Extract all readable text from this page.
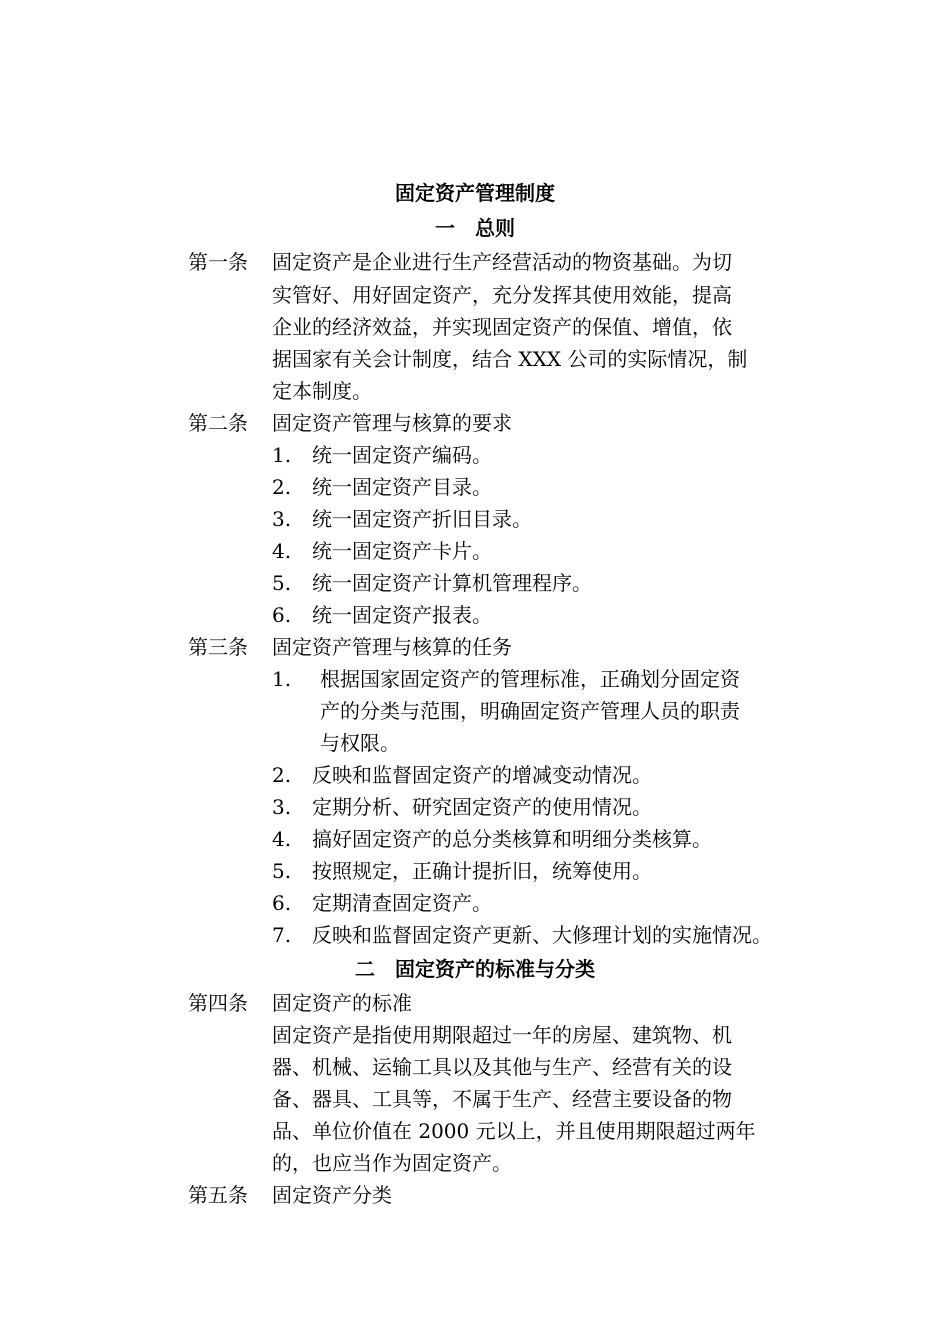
固定资产管理制度
一　总则
第一条 固定资产是企业进行生产经营活动的物资基础。为切
实管好、用好固定资产，充分发挥其使用效能，提高
企业的经济效益，并实现固定资产的保值、增值，依
据国家有关会计制度，结合 XXX 公司的实际情况，制
定本制度。
第二条 固定资产管理与核算的要求
1. 统一固定资产编码。
2. 统一固定资产目录。
3. 统一固定资产折旧目录。
4. 统一固定资产卡片。
5. 统一固定资产计算机管理程序。
6. 统一固定资产报表。
第三条 固定资产管理与核算的任务
1. 根据国家固定资产的管理标准，正确划分固定资
产的分类与范围，明确固定资产管理人员的职责
与权限。
2. 反映和监督固定资产的增减变动情况。
3. 定期分析、研究固定资产的使用情况。
4. 搞好固定资产的总分类核算和明细分类核算。
5. 按照规定，正确计提折旧，统筹使用。
6. 定期清查固定资产。
7. 反映和监督固定资产更新、大修理计划的实施情况。
二　固定资产的标准与分类
第四条 固定资产的标准
固定资产是指使用期限超过一年的房屋、建筑物、机
器、机械、运输工具以及其他与生产、经营有关的设
备、器具、工具等，不属于生产、经营主要设备的物
品、单位价值在 2000 元以上，并且使用期限超过两年
的，也应当作为固定资产。
第五条 固定资产分类
